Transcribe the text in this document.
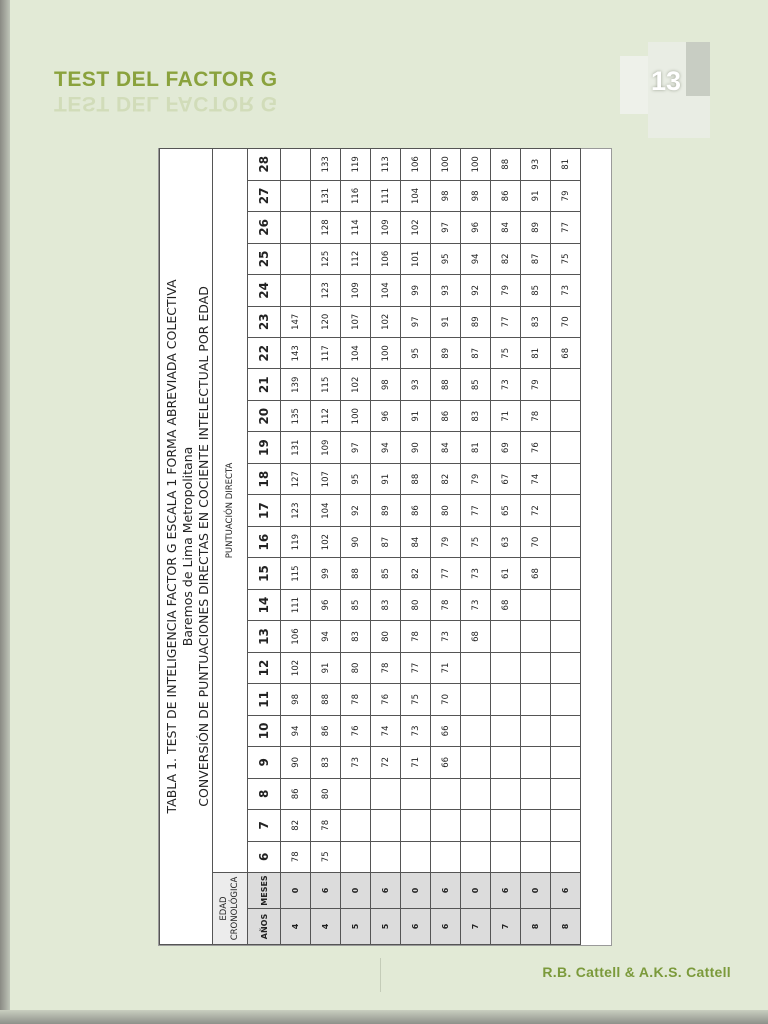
TEST DEL FACTOR G
TEST DEL FACTOR G
13
TABLA 1. TEST DE INTELIGENCIA FACTOR G ESCALA 1 FORMA ABREVIADA COLECTIVA Baremos de Lima Metropolitana CONVERSIÓN DE PUNTUACIONES DIRECTAS EN COCIENTE INTELECTUAL POR EDAD																								

EDAD CRONOLÓGICA		PUNTUACIÓN DIRECTA																						
AÑOS	MESES	6	7	8	9	10	11	12	13	14	15	16	17	18	19	20	21	22	23	24	25	26	27	28
4	0	78	82	86	90	94	98	102	106	111	115	119	123	127	131	135	139	143	147					
4	6	75	78	80	83	86	88	91	94	96	99	102	104	107	109	112	115	117	120	123	125	128	131	133
5	0				73	76	78	80	83	85	88	90	92	95	97	100	102	104	107	109	112	114	116	119
5	6				72	74	76	78	80	83	85	87	89	91	94	96	98	100	102	104	106	109	111	113
6	0				71	73	75	77	78	80	82	84	86	88	90	91	93	95	97	99	101	102	104	106
6	6				66	66	70	71	73	78	77	79	80	82	84	86	88	89	91	93	95	97	98	100
7	0								68	73	73	75	77	79	81	83	85	87	89	92	94	96	98	100
7	6									68	61	63	65	67	69	71	73	75	77	79	82	84	86	88
8	0										68	70	72	74	76	78	79	81	83	85	87	89	91	93
8	6																	68	70	73	75	77	79	81
R.B. Cattell & A.K.S. Cattell
